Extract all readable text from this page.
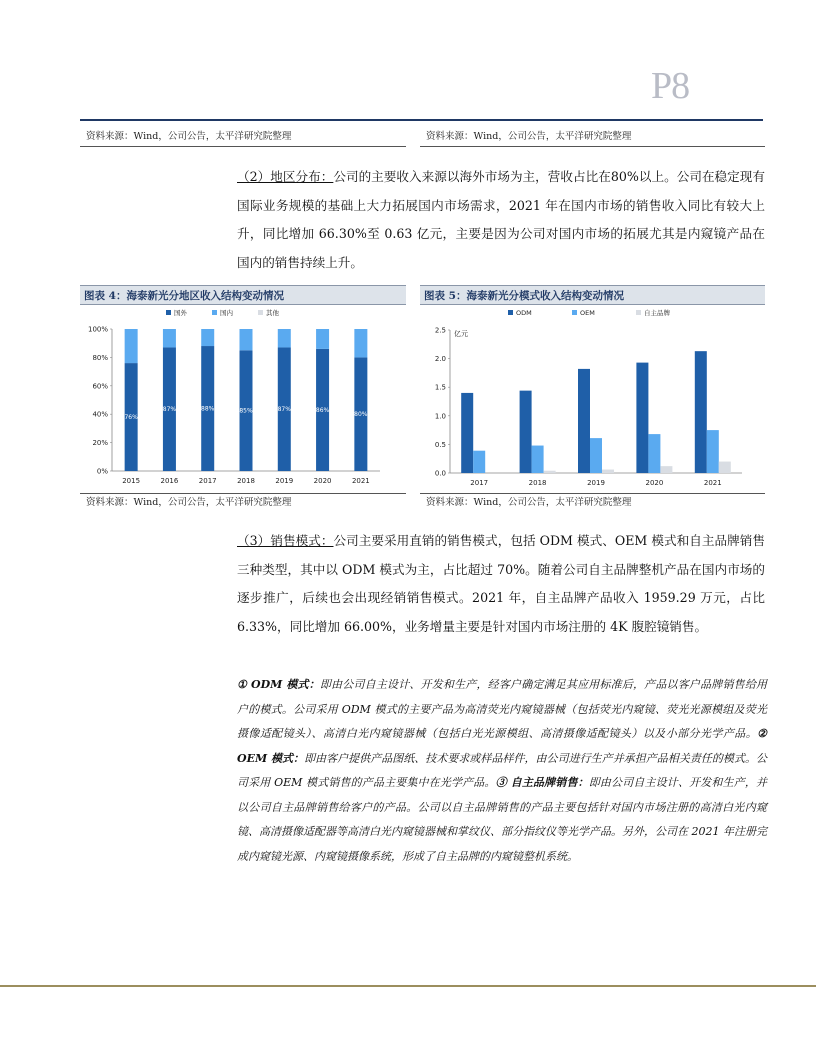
P8
资料来源：Wind，公司公告，太平洋研究院整理	资料来源：Wind，公司公告，太平洋研究院整理
（2）地区分布：公司的主要收入来源以海外市场为主，营收占比在80%以上。公司在稳定现有国际业务规模的基础上大力拓展国内市场需求，2021 年在国内市场的销售收入同比有较大上升，同比增加 66.30%至 0.63 亿元，主要是因为公司对国内市场的拓展尤其是内窥镜产品在国内的销售持续上升。
图表 4：海泰新光分地区收入结构变动情况	图表 5：海泰新光分模式收入结构变动情况
国外	国内	其他
0%
20%
40%
60%
80%
100%
76%
2015
87%
2016
88%
2017
85%
2018
87%
2019
86%
2020
80%
2021
ODM	OEM	自主品牌
亿元
0.0
0.5
1.0
1.5
2.0
2.5
2017	2018	2019	2020	2021
资料来源：Wind，公司公告，太平洋研究院整理	资料来源：Wind，公司公告，太平洋研究院整理
（3）销售模式：公司主要采用直销的销售模式，包括 ODM 模式、OEM 模式和自主品牌销售三种类型，其中以 ODM 模式为主，占比超过 70%。随着公司自主品牌整机产品在国内市场的逐步推广，后续也会出现经销销售模式。2021 年，自主品牌产品收入 1959.29 万元，占比 6.33%，同比增加 66.00%，业务增量主要是针对国内市场注册的 4K 腹腔镜销售。
① ODM 模式：即由公司自主设计、开发和生产，经客户确定满足其应用标准后，产品以客户品牌销售给用户的模式。公司采用 ODM 模式的主要产品为高清荧光内窥镜器械（包括荧光内窥镜、荧光光源模组及荧光摄像适配镜头）、高清白光内窥镜器械（包括白光光源模组、高清摄像适配镜头）以及小部分光学产品。② OEM 模式：即由客户提供产品图纸、技术要求或样品样件，由公司进行生产并承担产品相关责任的模式。公司采用 OEM 模式销售的产品主要集中在光学产品。③ 自主品牌销售：即由公司自主设计、开发和生产，并以公司自主品牌销售给客户的产品。公司以自主品牌销售的产品主要包括针对国内市场注册的高清白光内窥镜、高清摄像适配器等高清白光内窥镜器械和掌纹仪、部分指纹仪等光学产品。另外，公司在 2021 年注册完成内窥镜光源、内窥镜摄像系统，形成了自主品牌的内窥镜整机系统。
